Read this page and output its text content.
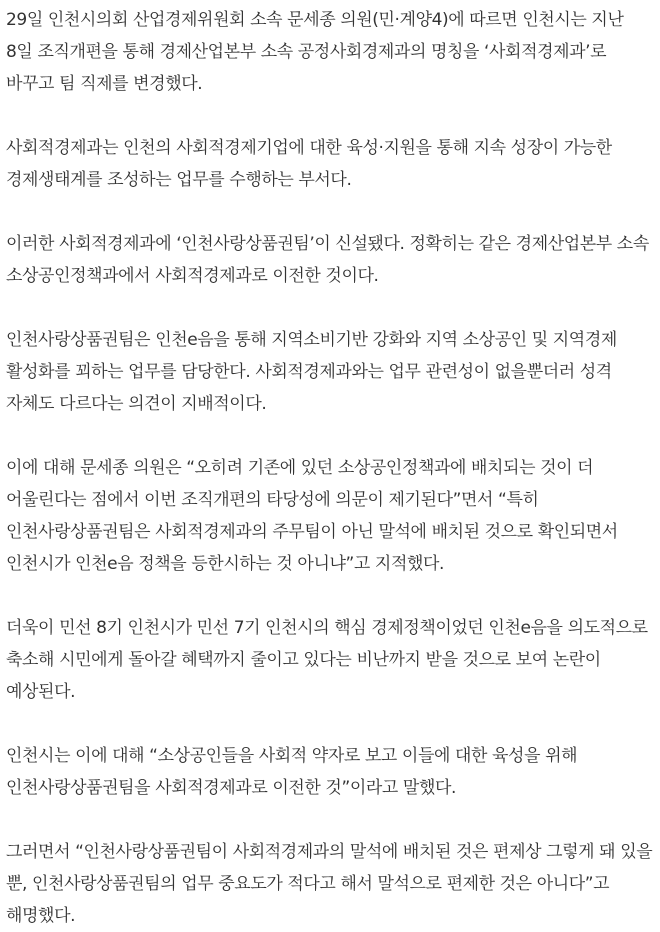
29일 인천시의회 산업경제위원회 소속 문세종 의원(민·계양4)에 따르면 인천시는 지난 8일 조직개편을 통해 경제산업본부 소속 공정사회경제과의 명칭을 ‘사회적경제과’로 바꾸고 팀 직제를 변경했다.

사회적경제과는 인천의 사회적경제기업에 대한 육성·지원을 통해 지속 성장이 가능한 경제생태계를 조성하는 업무를 수행하는 부서다.

이러한 사회적경제과에 ‘인천사랑상품권팀’이 신설됐다. 정확히는 같은 경제산업본부 소속 소상공인정책과에서 사회적경제과로 이전한 것이다.

인천사랑상품권팀은 인천e음을 통해 지역소비기반 강화와 지역 소상공인 및 지역경제 활성화를 꾀하는 업무를 담당한다. 사회적경제과와는 업무 관련성이 없을뿐더러 성격 자체도 다르다는 의견이 지배적이다.

이에 대해 문세종 의원은 “오히려 기존에 있던 소상공인정책과에 배치되는 것이 더 어울린다는 점에서 이번 조직개편의 타당성에 의문이 제기된다”면서 “특히 인천사랑상품권팀은 사회적경제과의 주무팀이 아닌 말석에 배치된 것으로 확인되면서 인천시가 인천e음 정책을 등한시하는 것 아니냐”고 지적했다.

더욱이 민선 8기 인천시가 민선 7기 인천시의 핵심 경제정책이었던 인천e음을 의도적으로 축소해 시민에게 돌아갈 혜택까지 줄이고 있다는 비난까지 받을 것으로 보여 논란이 예상된다.

인천시는 이에 대해 “소상공인들을 사회적 약자로 보고 이들에 대한 육성을 위해 인천사랑상품권팀을 사회적경제과로 이전한 것”이라고 말했다.

그러면서 “인천사랑상품권팀이 사회적경제과의 말석에 배치된 것은 편제상 그렇게 돼 있을 뿐, 인천사랑상품권팀의 업무 중요도가 적다고 해서 말석으로 편제한 것은 아니다”고 해명했다.
